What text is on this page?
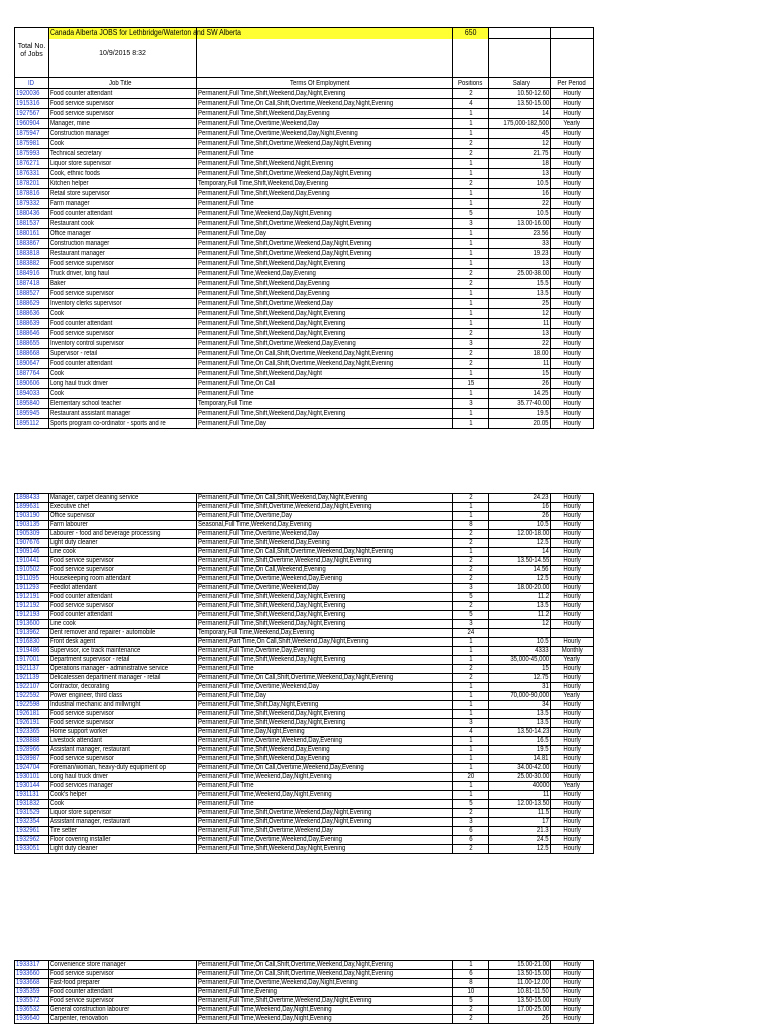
650
Canada Alberta JOBS for Lethbridge/Waterton and SW Alberta
Total No. of Jobs	10/9/2015 8:32
ID	Job Title	Terms Of Employment	Positions	Salary	Per Period
1920036	Food counter attendant	Permanent,Full Time,Shift,Weekend,Day,Night,Evening	2	10.50-12.60	Hourly
1915316	Food service supervisor	Permanent,Full Time,On Call,Shift,Overtime,Weekend,Day,Night,Evening	4	13.50-15.00	Hourly
1927567	Food service supervisor	Permanent,Full Time,Shift,Weekend,Day,Evening	1	14	Hourly
1960904	Manager, mine	Permanent,Full Time,Overtime,Weekend,Day	1	175,000-182,500	Yearly
1875947	Construction manager	Permanent,Full Time,Overtime,Weekend,Day,Night,Evening	1	45	Hourly
1875981	Cook	Permanent,Full Time,Shift,Overtime,Weekend,Day,Night,Evening	2	12	Hourly
1875993	Technical secretary	Permanent,Full Time	2	21.75	Hourly
1876271	Liquor store supervisor	Permanent,Full Time,Shift,Weekend,Night,Evening	1	18	Hourly
1876331	Cook, ethnic foods	Permanent,Full Time,Shift,Overtime,Weekend,Day,Night,Evening	1	13	Hourly
1878201	Kitchen helper	Temporary,Full Time,Shift,Weekend,Day,Evening	2	10.5	Hourly
1878816	Retail store supervisor	Permanent,Full Time,Shift,Weekend,Day,Evening	1	16	Hourly
1879332	Farm manager	Permanent,Full Time	1	22	Hourly
1880436	Food counter attendant	Permanent,Full Time,Weekend,Day,Night,Evening	5	10.5	Hourly
1881537	Restaurant cook	Permanent,Full Time,Shift,Overtime,Weekend,Day,Night,Evening	3	13.00-16.00	Hourly
1880161	Office manager	Permanent,Full Time,Day	1	23.56	Hourly
1883867	Construction manager	Permanent,Full Time,Shift,Overtime,Weekend,Day,Night,Evening	1	33	Hourly
1883818	Restaurant manager	Permanent,Full Time,Shift,Overtime,Weekend,Day,Night,Evening	1	19.23	Hourly
1883882	Food service supervisor	Permanent,Full Time,Shift,Weekend,Day,Night,Evening	1	13	Hourly
1884916	Truck driver, long haul	Permanent,Full Time,Weekend,Day,Evening	2	25.00-38.00	Hourly
1887418	Baker	Permanent,Full Time,Shift,Weekend,Day,Evening	2	15.5	Hourly
1888527	Food service supervisor	Permanent,Full Time,Shift,Weekend,Day,Evening	1	13.5	Hourly
1888629	Inventory clerks supervisor	Permanent,Full Time,Shift,Overtime,Weekend,Day	1	25	Hourly
1888636	Cook	Permanent,Full Time,Shift,Weekend,Day,Night,Evening	1	12	Hourly
1888639	Food counter attendant	Permanent,Full Time,Shift,Weekend,Day,Night,Evening	1	11	Hourly
1888646	Food service supervisor	Permanent,Full Time,Shift,Weekend,Day,Night,Evening	2	13	Hourly
1888655	Inventory control supervisor	Permanent,Full Time,Shift,Overtime,Weekend,Day,Evening	3	22	Hourly
1888668	Supervisor - retail	Permanent,Full Time,On Call,Shift,Overtime,Weekend,Day,Night,Evening	2	18.00	Hourly
1890647	Food counter attendant	Permanent,Full Time,On Call,Shift,Overtime,Weekend,Day,Night,Evening	2	11	Hourly
1887764	Cook	Permanent,Full Time,Shift,Weekend,Day,Night	1	15	Hourly
1890606	Long haul truck driver	Permanent,Full Time,On Call	15	26	Hourly
1894033	Cook	Permanent,Full Time	1	14.25	Hourly
1895840	Elementary school teacher	Temporary,Full Time	3	35.77-40.00	Hourly
1895945	Restaurant assistant manager	Permanent,Full Time,Shift,Weekend,Day,Night,Evening	1	19.5	Hourly
1895112	Sports program co-ordinator - sports and re	Permanent,Full Time,Day	1	20.05	Hourly
1898433	Manager, carpet cleaning service	Permanent,Full Time,On Call,Shift,Weekend,Day,Night,Evening	2	24.23	Hourly
1899631	Executive chef	Permanent,Full Time,Shift,Overtime,Weekend,Day,Night,Evening	1	16	Hourly
1903190	Office supervisor	Permanent,Full Time,Overtime,Day	1	26	Hourly
1903135	Farm labourer	Seasonal,Full Time,Weekend,Day,Evening	8	10.5	Hourly
1905309	Labourer - food and beverage processing	Permanent,Full Time,Overtime,Weekend,Day	2	12.00-18.00	Hourly
1907676	Light duty cleaner	Permanent,Full Time,Shift,Weekend,Day,Evening	2	12.5	Hourly
1909146	Line cook	Permanent,Full Time,On Call,Shift,Overtime,Weekend,Day,Night,Evening	1	14	Hourly
1910441	Food service supervisor	Permanent,Full Time,Shift,Overtime,Weekend,Day,Night,Evening	2	13.50-14.55	Hourly
1910502	Food service supervisor	Permanent,Full Time,On Call,Weekend,Evening	2	14.56	Hourly
1911095	Housekeeping room attendant	Permanent,Full Time,Overtime,Weekend,Day,Evening	2	12.5	Hourly
1911293	Feedlot attendant	Permanent,Full Time,Overtime,Weekend,Day	3	18.00-20.00	Hourly
1912191	Food counter attendant	Permanent,Full Time,Shift,Weekend,Day,Night,Evening	5	11.2	Hourly
1912192	Food service supervisor	Permanent,Full Time,Shift,Weekend,Day,Night,Evening	2	13.5	Hourly
1912193	Food counter attendant	Permanent,Full Time,Shift,Weekend,Day,Night,Evening	5	11.2	Hourly
1913600	Line cook	Permanent,Full Time,Shift,Weekend,Day,Night,Evening	3	12	Hourly
1913962	Dent remover and repairer - automobile	Temporary,Full Time,Weekend,Day,Evening	24
1916830	Front desk agent	Permanent,Part Time,On Call,Shift,Weekend,Day,Night,Evening	1	10.5	Hourly
1919486	Supervisor, ice track maintenance	Permanent,Full Time,Overtime,Day,Evening	1	4333	Monthly
1917001	Department supervisor - retail	Permanent,Full Time,Shift,Weekend,Day,Night,Evening	1	35,000-45,000	Yearly
1921137	Operations manager - administrative service	Permanent,Full Time	2	15	Hourly
1921139	Delicatessen department manager - retail	Permanent,Full Time,On Call,Shift,Overtime,Weekend,Day,Night,Evening	2	12.75	Hourly
1922107	Contractor, decorating	Permanent,Full Time,Overtime,Weekend,Day	1	31	Hourly
1922592	Power engineer, third class	Permanent,Full Time,Day	1	70,000-90,000	Yearly
1922598	Industrial mechanic and millwright	Permanent,Full Time,Shift,Day,Night,Evening	1	34	Hourly
1926181	Food service supervisor	Permanent,Full Time,Shift,Weekend,Day,Night,Evening	1	13.5	Hourly
1926191	Food service supervisor	Permanent,Full Time,Shift,Weekend,Day,Night,Evening	3	13.5	Hourly
1923365	Home support worker	Permanent,Full Time,Day,Night,Evening	4	13.50-14.23	Hourly
1928888	Livestock attendant	Permanent,Full Time,Overtime,Weekend,Day,Evening	1	16.5	Hourly
1928966	Assistant manager, restaurant	Permanent,Full Time,Shift,Weekend,Day,Evening	1	19.5	Hourly
1928987	Food service supervisor	Permanent,Full Time,Shift,Weekend,Day,Evening	1	14.81	Hourly
1924704	Foreman/woman, heavy-duty equipment op	Permanent,Full Time,On Call,Overtime,Weekend,Day,Evening	1	34.00-42.00	Hourly
1930101	Long haul truck driver	Permanent,Full Time,Weekend,Day,Night,Evening	20	25.00-30.00	Hourly
1930144	Food services manager	Permanent,Full Time	1	40000	Yearly
1931131	Cook's helper	Permanent,Full Time,Weekend,Day,Night,Evening	1	11	Hourly
1931832	Cook	Permanent,Full Time	5	12.00-13.50	Hourly
1931529	Liquor store supervisor	Permanent,Full Time,Shift,Overtime,Weekend,Day,Night,Evening	2	11.5	Hourly
1932354	Assistant manager, restaurant	Permanent,Full Time,Shift,Overtime,Weekend,Day,Night,Evening	3	17	Hourly
1932961	Tire setter	Permanent,Full Time,Shift,Overtime,Weekend,Day	6	21.3	Hourly
1932962	Floor covering installer	Permanent,Full Time,Overtime,Weekend,Day,Evening	6	24.5	Hourly
1933051	Light duty cleaner	Permanent,Full Time,Shift,Weekend,Day,Night,Evening	2	12.5	Hourly
1933317	Convenience store manager	Permanent,Full Time,On Call,Shift,Overtime,Weekend,Day,Night,Evening	1	15.00-21.00	Hourly
1933660	Food service supervisor	Permanent,Full Time,On Call,Shift,Overtime,Weekend,Day,Night,Evening	6	13.50-15.00	Hourly
1933668	Fast-food preparer	Permanent,Full Time,Overtime,Weekend,Day,Night,Evening	8	11.00-12.00	Hourly
1935359	Food counter attendant	Permanent,Full Time,Evening	10	10.81-11.50	Hourly
1935572	Food service supervisor	Permanent,Full Time,Shift,Overtime,Weekend,Day,Night,Evening	5	13.50-15.00	Hourly
1936532	General construction labourer	Permanent,Full Time,Weekend,Day,Night,Evening	2	17.00-25.00	Hourly
1936640	Carpenter, renovation	Permanent,Full Time,Weekend,Day,Night,Evening	2	26	Hourly
